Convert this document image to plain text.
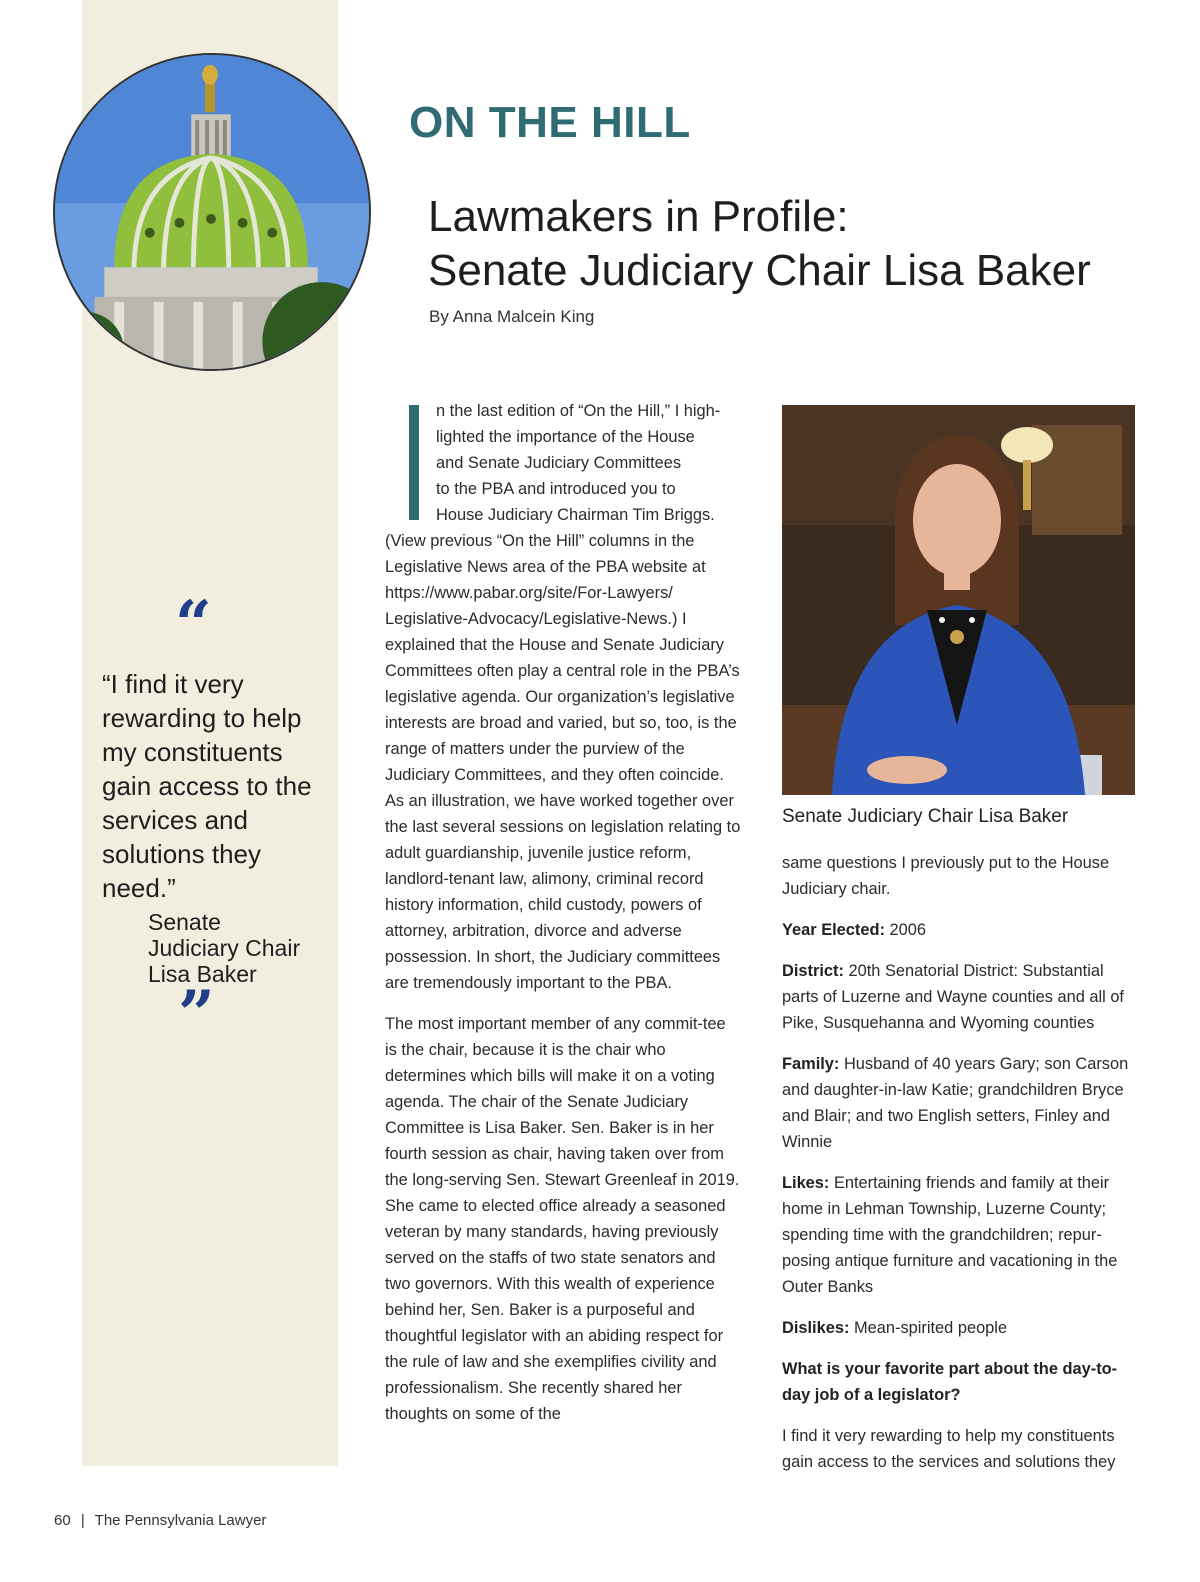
ON THE HILL
Lawmakers in Profile:
Senate Judiciary Chair Lisa Baker
By Anna Malcein King
“
“I find it very rewarding to help my constituents gain access to the services and solutions they need.”
Senate
Judiciary Chair
Lisa Baker
”
n the last edition of “On the Hill,” I high-
lighted the importance of the House
and Senate Judiciary Committees
to the PBA and introduced you to
House Judiciary Chairman Tim Briggs.

(View previous “On the Hill” columns in the Legislative News area of the PBA website at https://www.pabar.org/site/For-Lawyers/ Legislative-Advocacy/Legislative-News.) I explained that the House and Senate Judiciary Committees often play a central role in the PBA’s legislative agenda. Our organization’s legislative interests are broad and varied, but so, too, is the range of matters under the purview of the Judiciary Committees, and they often coincide. As an illustration, we have worked together over the last several sessions on legislation relating to adult guardianship, juvenile justice reform, landlord-tenant law, alimony, criminal record history information, child custody, powers of attorney, arbitration, divorce and adverse possession. In short, the Judiciary committees are tremendously important to the PBA.

The most important member of any commit-tee is the chair, because it is the chair who determines which bills will make it on a voting agenda. The chair of the Senate Judiciary Committee is Lisa Baker. Sen. Baker is in her fourth session as chair, having taken over from the long-serving Sen. Stewart Greenleaf in 2019. She came to elected office already a seasoned veteran by many standards, having previously served on the staffs of two state senators and two governors. With this wealth of experience behind her, Sen. Baker is a purposeful and thoughtful legislator with an abiding respect for the rule of law and she exemplifies civility and professionalism. She recently shared her thoughts on some of the

Senate Judiciary Chair Lisa Baker

same questions I previously put to the House Judiciary chair.

Year Elected: 2006

District: 20th Senatorial District: Substantial parts of Luzerne and Wayne counties and all of Pike, Susquehanna and Wyoming counties

Family: Husband of 40 years Gary; son Carson and daughter-in-law Katie; grandchildren Bryce and Blair; and two English setters, Finley and Winnie

Likes: Entertaining friends and family at their home in Lehman Township, Luzerne County; spending time with the grandchildren; repur-posing antique furniture and vacationing in the Outer Banks

Dislikes: Mean-spirited people

What is your favorite part about the day-to-day job of a legislator?

I find it very rewarding to help my constituents gain access to the services and solutions they

60 | The Pennsylvania Lawyer
